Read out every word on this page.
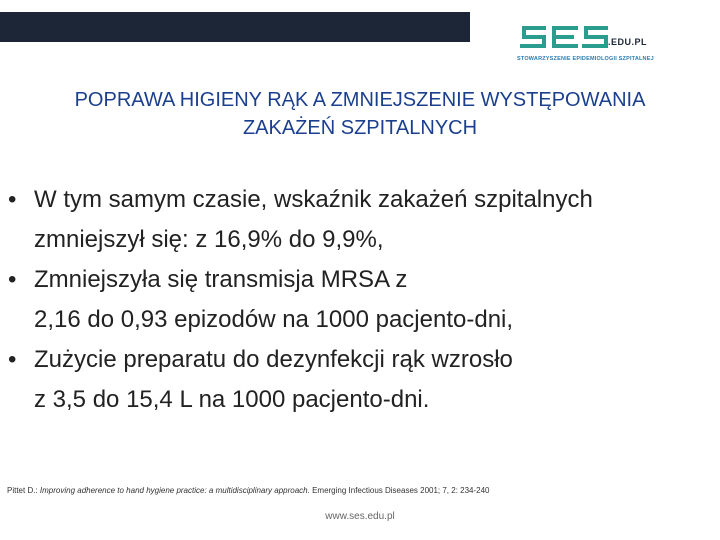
.EDU.PL
STOWARZYSZENIE EPIDEMIOLOGII SZPITALNEJ
POPRAWA HIGIENY RĄK A ZMNIEJSZENIE WYSTĘPOWANIA
ZAKAŻEŃ SZPITALNYCH
• W tym samym czasie, wskaźnik zakażeń szpitalnych
zmniejszył się: z 16,9% do 9,9%,
• Zmniejszyła się transmisja MRSA z
2,16 do 0,93 epizodów na 1000 pacjento-dni,
• Zużycie preparatu do dezynfekcji rąk wzrosło
z 3,5 do 15,4 L na 1000 pacjento-dni.
Pittet D.: Improving adherence to hand hygiene practice: a multidisciplinary approach. Emerging Infectious Diseases 2001; 7, 2: 234-240
www.ses.edu.pl
